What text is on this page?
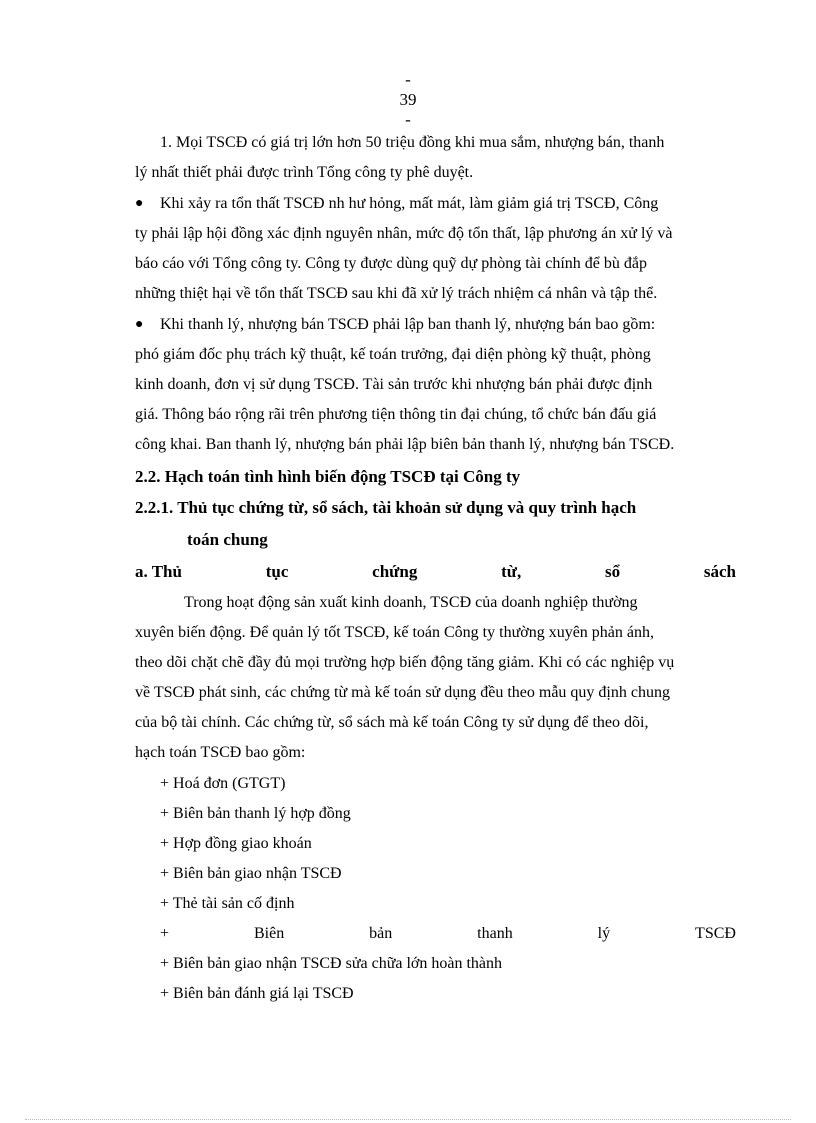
-
39
-
1. Mọi TSCĐ có giá trị lớn hơn 50 triệu đồng khi mua sắm, nhượng bán, thanh
lý nhất thiết phải được trình Tổng công ty phê duyệt.
● Khi xảy ra tổn thất TSCĐ nh hư hỏng, mất mát, làm giảm giá trị TSCĐ, Công
ty phải lập hội đồng xác định nguyên nhân, mức độ tổn thất, lập phương án xử lý và
báo cáo với Tổng công ty. Công ty được dùng quỹ dự phòng tài chính để bù đắp
những thiệt hại về tổn thất TSCĐ sau khi đã xử lý trách nhiệm cá nhân và tập thể.
● Khi thanh lý, nhượng bán TSCĐ phải lập ban thanh lý, nhượng bán bao gồm:
phó giám đốc phụ trách kỹ thuật, kế toán trưởng, đại diện phòng kỹ thuật, phòng
kinh doanh, đơn vị sử dụng TSCĐ. Tài sản trước khi nhượng bán phải được định
giá. Thông báo rộng rãi trên phương tiện thông tin đại chúng, tổ chức bán đấu giá
công khai. Ban thanh lý, nhượng bán phải lập biên bản thanh lý, nhượng bán TSCĐ.
2.2. Hạch toán tình hình biến động TSCĐ tại Công ty
2.2.1. Thủ tục chứng từ, sổ sách, tài khoản sử dụng và quy trình hạch
toán chung
a. Thủ	tục	chứng	từ,	sổ	sách
Trong hoạt động sản xuất kinh doanh, TSCĐ của doanh nghiệp thường
xuyên biến động. Để quản lý tốt TSCĐ, kế toán Công ty thường xuyên phản ánh,
theo dõi chặt chẽ đầy đủ mọi trường hợp biến động tăng giảm. Khi có các nghiệp vụ
về TSCĐ phát sinh, các chứng từ mà kế toán sử dụng đều theo mẫu quy định chung
của bộ tài chính. Các chứng từ, sổ sách mà kế toán Công ty sử dụng để theo dõi,
hạch toán TSCĐ bao gồm:
+ Hoá đơn (GTGT)
+ Biên bản thanh lý hợp đồng
+ Hợp đồng giao khoán
+ Biên bản giao nhận TSCĐ
+ Thẻ tài sản cố định
+	Biên	bản	thanh	lý	TSCĐ
+ Biên bản giao nhận TSCĐ sửa chữa lớn hoàn thành
+ Biên bản đánh giá lại TSCĐ
